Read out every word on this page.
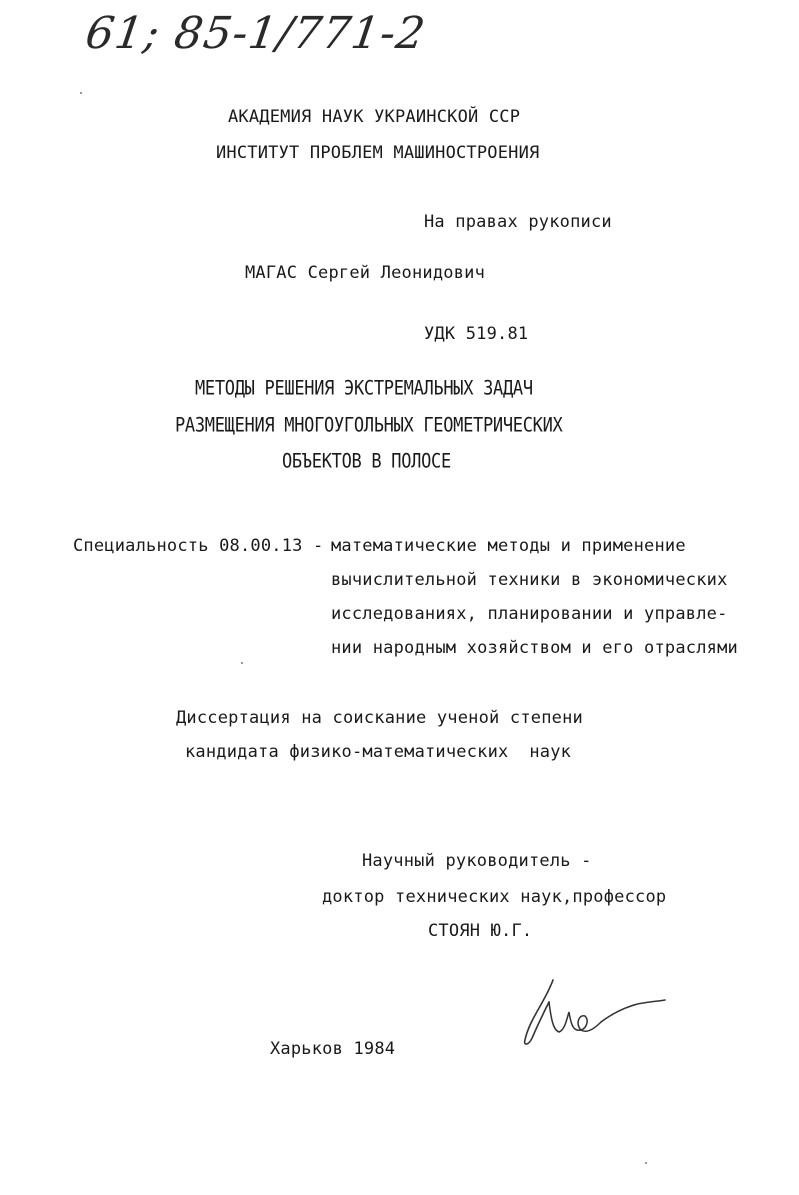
61; 85-1/771-2
АКАДЕМИЯ НАУК УКРАИНСКОЙ ССР
ИНСТИТУТ ПРОБЛЕМ МАШИНОСТРОЕНИЯ
На правах рукописи
МАГАС Сергей Леонидович
УДК 519.81
МЕТОДЫ РЕШЕНИЯ ЭКСТРЕМАЛЬНЫХ ЗАДАЧ
РАЗМЕЩЕНИЯ МНОГОУГОЛЬНЫХ ГЕОМЕТРИЧЕСКИХ
ОБЪЕКТОВ В ПОЛОСЕ
Специальность 08.00.13 - математические методы и применение
вычислительной техники в экономических
исследованиях, планировании и управле-
нии народным хозяйством и его отраслями
Диссертация на соискание ученой степени
кандидата физико-математических  наук
Научный руководитель -
доктор технических наук,профессор
СТОЯН Ю.Г.
Харьков 1984
